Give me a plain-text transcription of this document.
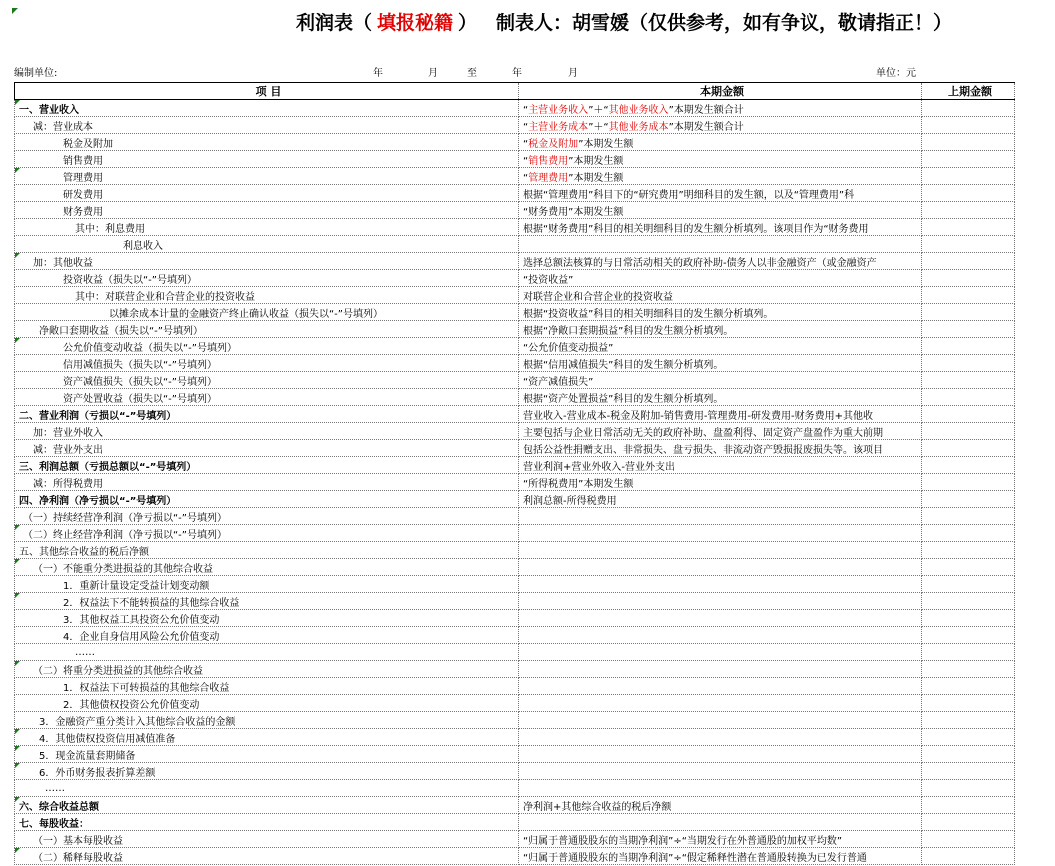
利润表（ 填报秘籍 ） 制表人：胡雪媛（仅供参考，如有争议，敬请指正！）
编制单位:	年	月	至	年	月	单位：元
项 目	本期金额	上期金额
一、营业收入	“主营业务收入”＋“其他业务收入”本期发生额合计	
减：营业成本	“主营业务成本”＋“其他业务成本”本期发生额合计	
税金及附加	“税金及附加”本期发生额	
销售费用	“销售费用”本期发生额	
管理费用	“管理费用”本期发生额	
研发费用	根据“管理费用”科目下的“研究费用”明细科目的发生额，以及“管理费用”科	
财务费用	“财务费用”本期发生额	
其中：利息费用	根据“财务费用”科目的相关明细科目的发生额分析填列。该项目作为“财务费用	
利息收入		
加：其他收益	选择总额法核算的与日常活动相关的政府补助-债务人以非金融资产（或金融资产	
投资收益（损失以“-”号填列）	“投资收益”	
其中：对联营企业和合营企业的投资收益	对联营企业和合营企业的投资收益	
以摊余成本计量的金融资产终止确认收益（损失以“-”号填列）	根据“投资收益”科目的相关明细科目的发生额分析填列。	
净敞口套期收益（损失以“-”号填列）	根据“净敞口套期损益”科目的发生额分析填列。	
公允价值变动收益（损失以“-”号填列）	“公允价值变动损益”	
信用减值损失（损失以“-”号填列）	根据“信用减值损失”科目的发生额分析填列。	
资产减值损失（损失以“-”号填列）	“资产减值损失”	
资产处置收益（损失以“-”号填列）	根据“资产处置损益”科目的发生额分析填列。	
二、营业利润（亏损以“-”号填列）	营业收入-营业成本-税金及附加-销售费用-管理费用-研发费用-财务费用+其他收	
加：营业外收入	主要包括与企业日常活动无关的政府补助、盘盈利得、固定资产盘盈作为重大前期	
减：营业外支出	包括公益性捐赠支出、非常损失、盘亏损失、非流动资产毁损报废损失等。该项目	
三、利润总额（亏损总额以“-”号填列）	营业利润+营业外收入-营业外支出	
减：所得税费用	“所得税费用”本期发生额	
四、净利润（净亏损以“-”号填列）	利润总额-所得税费用	
（一）持续经营净利润（净亏损以“-”号填列）		
（二）终止经营净利润（净亏损以“-”号填列）		
五、其他综合收益的税后净额		
（一）不能重分类进损益的其他综合收益		
1．重新计量设定受益计划变动额		
2．权益法下不能转损益的其他综合收益		
3．其他权益工具投资公允价值变动		
4．企业自身信用风险公允价值变动		
……		
（二）将重分类进损益的其他综合收益		
1．权益法下可转损益的其他综合收益		
2．其他债权投资公允价值变动		
3．金融资产重分类计入其他综合收益的金额		
4．其他债权投资信用减值准备		
5．现金流量套期储备		
6．外币财务报表折算差额		
……		
六、综合收益总额	净利润+其他综合收益的税后净额	
七、每股收益：		
（一）基本每股收益	“归属于普通股股东的当期净利润”÷“当期发行在外普通股的加权平均数”	
（二）稀释每股收益	“归属于普通股股东的当期净利润”÷“假定稀释性潜在普通股转换为已发行普通	
